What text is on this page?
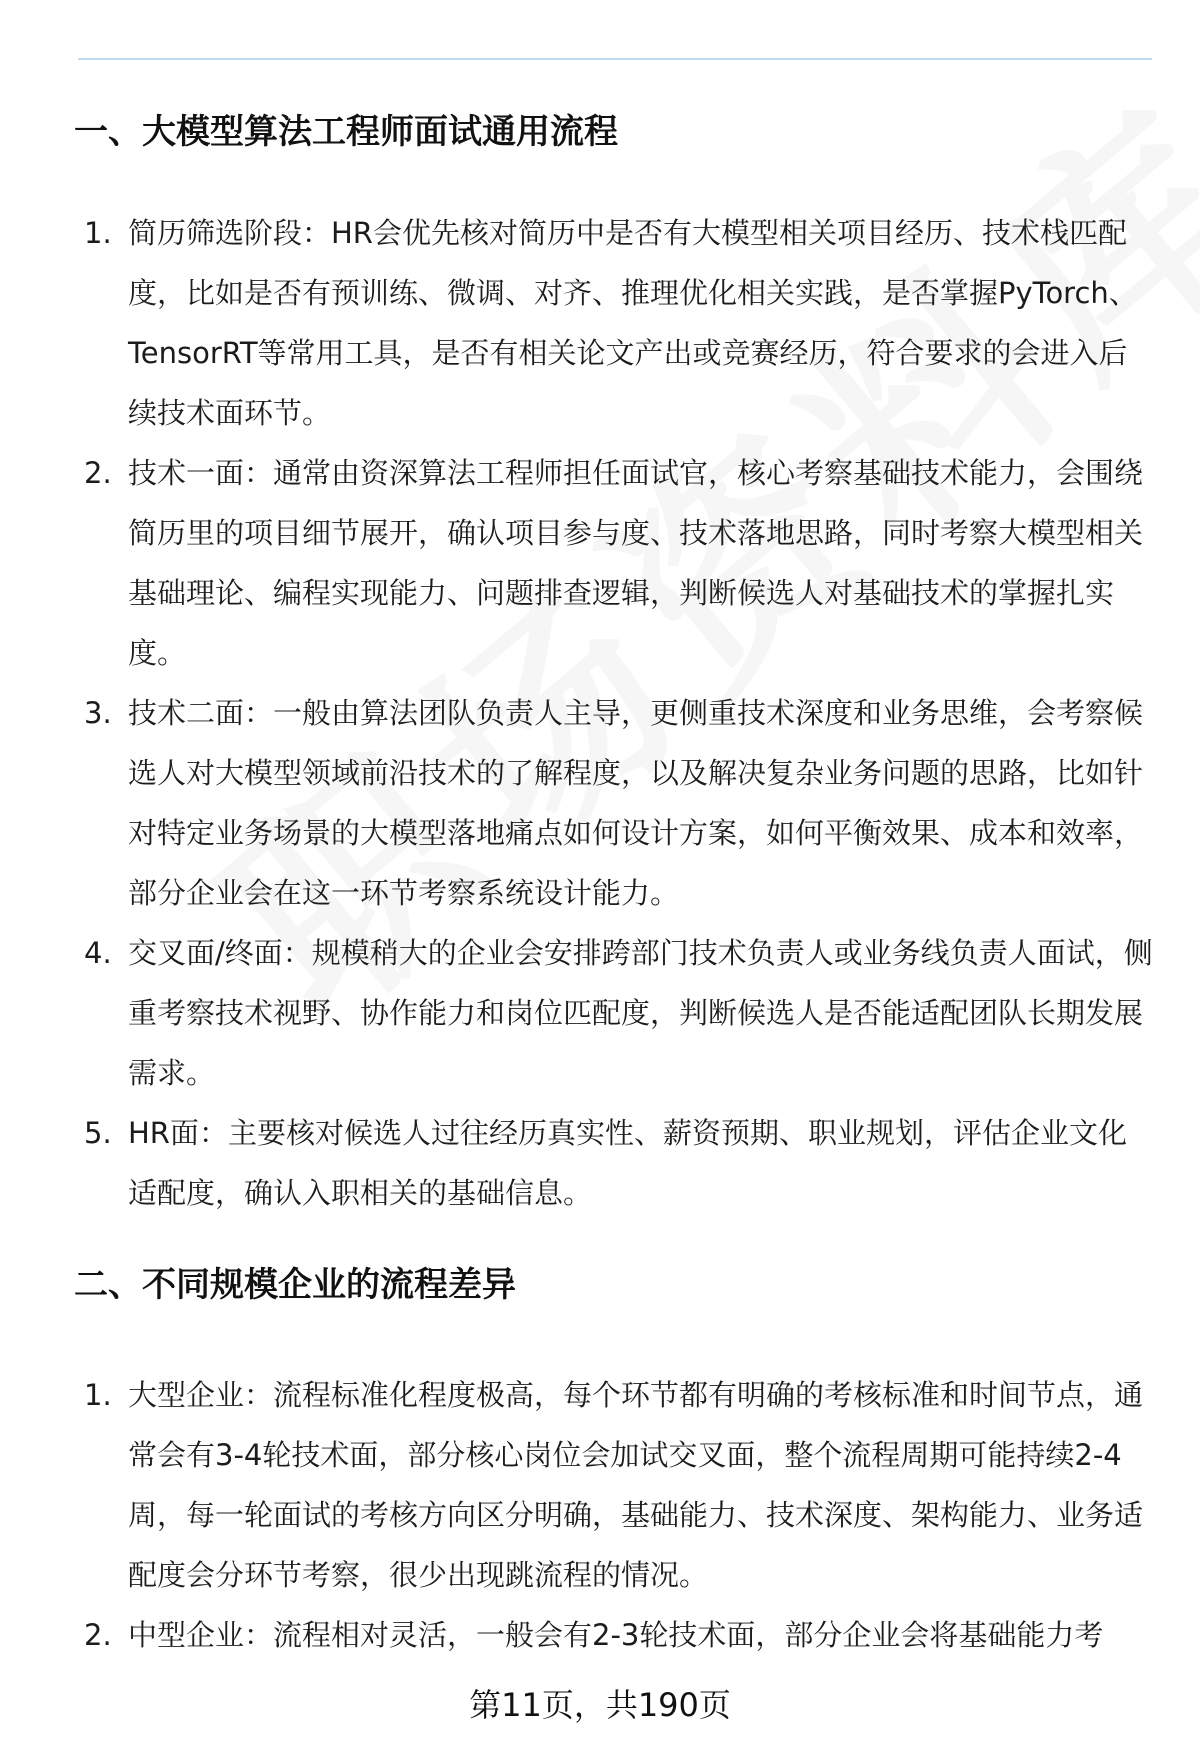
一、大模型算法工程师面试通用流程
1. 简历筛选阶段：HR会优先核对简历中是否有大模型相关项目经历、技术栈匹配度，比如是否有预训练、微调、对齐、推理优化相关实践，是否掌握PyTorch、TensorRT等常用工具，是否有相关论文产出或竞赛经历，符合要求的会进入后续技术面环节。
2. 技术一面：通常由资深算法工程师担任面试官，核心考察基础技术能力，会围绕简历里的项目细节展开，确认项目参与度、技术落地思路，同时考察大模型相关基础理论、编程实现能力、问题排查逻辑，判断候选人对基础技术的掌握扎实度。
3. 技术二面：一般由算法团队负责人主导，更侧重技术深度和业务思维，会考察候选人对大模型领域前沿技术的了解程度，以及解决复杂业务问题的思路，比如针对特定业务场景的大模型落地痛点如何设计方案，如何平衡效果、成本和效率，部分企业会在这一环节考察系统设计能力。
4. 交叉面/终面：规模稍大的企业会安排跨部门技术负责人或业务线负责人面试，侧重考察技术视野、协作能力和岗位匹配度，判断候选人是否能适配团队长期发展需求。
5. HR面：主要核对候选人过往经历真实性、薪资预期、职业规划，评估企业文化适配度，确认入职相关的基础信息。
二、不同规模企业的流程差异
1. 大型企业：流程标准化程度极高，每个环节都有明确的考核标准和时间节点，通常会有3-4轮技术面，部分核心岗位会加试交叉面，整个流程周期可能持续2-4周，每一轮面试的考核方向区分明确，基础能力、技术深度、架构能力、业务适配度会分环节考察，很少出现跳流程的情况。
2. 中型企业：流程相对灵活，一般会有2-3轮技术面，部分企业会将基础能力考
第11页，共190页
